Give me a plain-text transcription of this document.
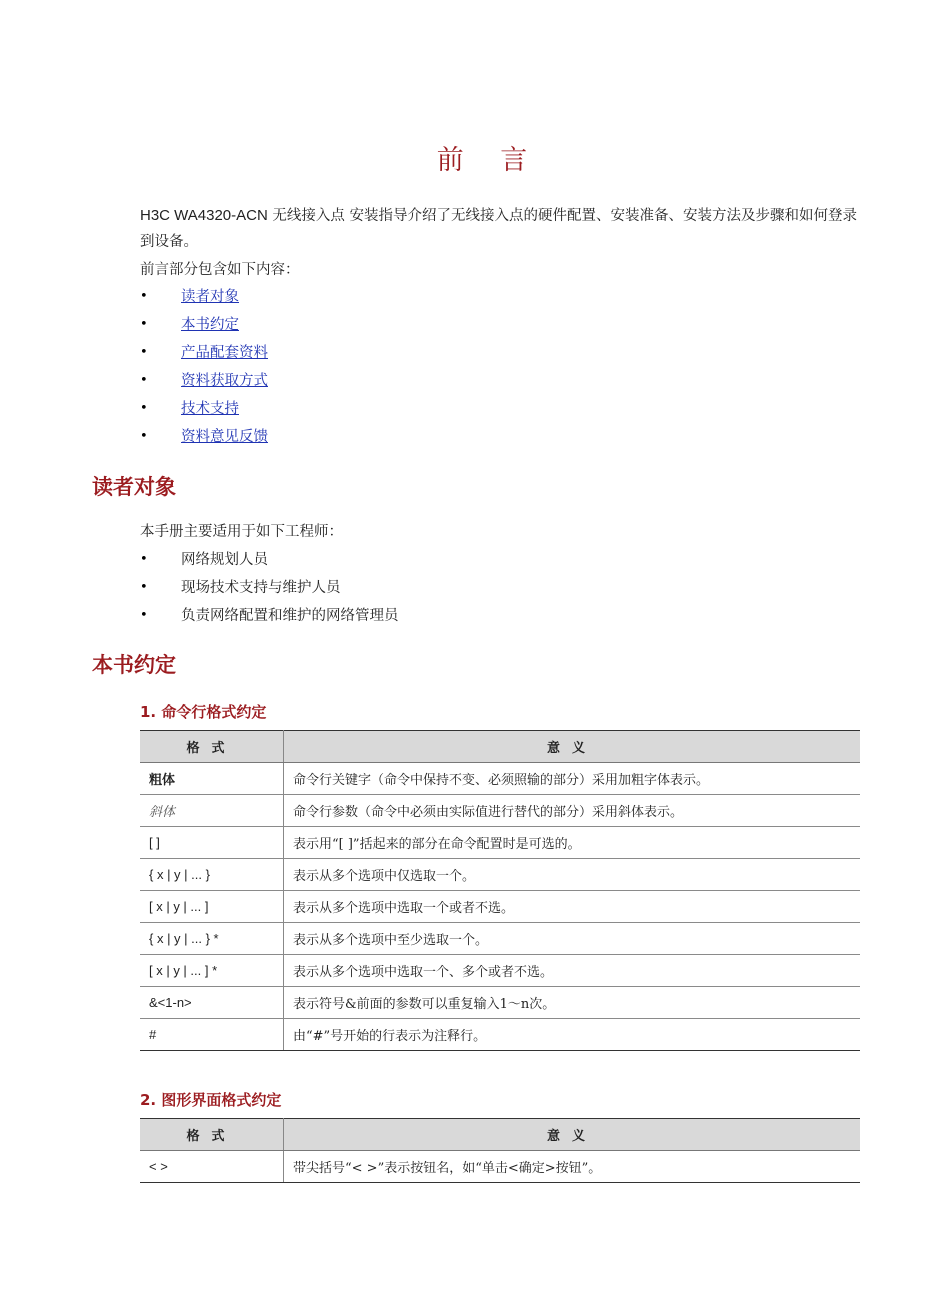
前 言
H3C WA4320-ACN 无线接入点 安装指导介绍了无线接入点的硬件配置、安装准备、安装方法及步骤和如何登录到设备。
前言部分包含如下内容：
• 读者对象
• 本书约定
• 产品配套资料
• 资料获取方式
• 技术支持
• 资料意见反馈
读者对象
本手册主要适用于如下工程师：
• 网络规划人员
• 现场技术支持与维护人员
• 负责网络配置和维护的网络管理员
本书约定
1. 命令行格式约定
格式	意义
粗体	命令行关键字（命令中保持不变、必须照输的部分）采用加粗字体表示。
斜体	命令行参数（命令中必须由实际值进行替代的部分）采用斜体表示。
[ ]	表示用“[ ]”括起来的部分在命令配置时是可选的。
{ x | y | ... }	表示从多个选项中仅选取一个。
[ x | y | ... ]	表示从多个选项中选取一个或者不选。
{ x | y | ... } *	表示从多个选项中至少选取一个。
[ x | y | ... ] *	表示从多个选项中选取一个、多个或者不选。
&<1-n>	表示符号&前面的参数可以重复输入1～n次。
#	由“#”号开始的行表示为注释行。
2. 图形界面格式约定
格式	意义
< >	带尖括号“< >”表示按钮名，如“单击<确定>按钮”。
